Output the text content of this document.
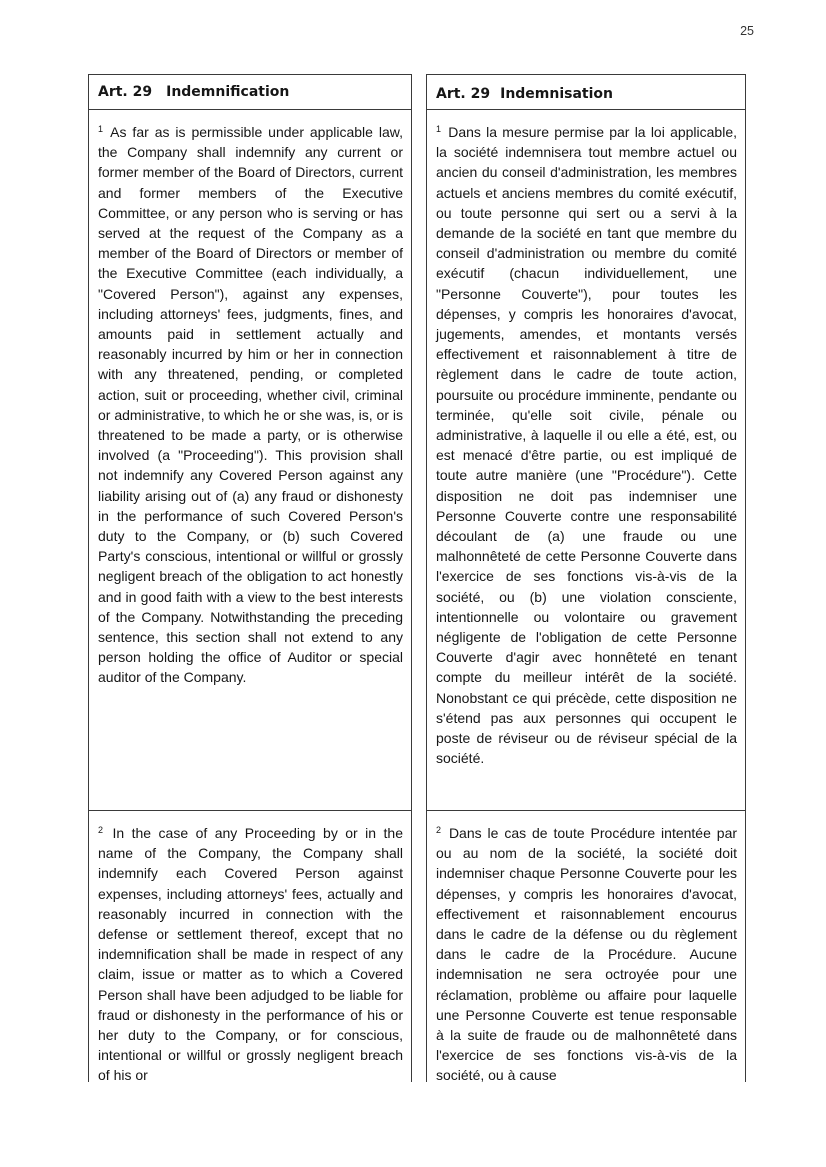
25
Art. 29 Indemnification	Art. 29 Indemnisation

$^1$ As far as is permissible under applicable law, the Company shall indemnify any current or former member of the Board of Directors, current and former members of the Executive Committee, or any person who is serving or has served at the request of the Company as a member of the Board of Directors or member of the Executive Committee (each individually, a "Covered Person"), against any expenses, including attorneys' fees, judgments, fines, and amounts paid in settlement actually and reasonably incurred by him or her in connection with any threatened, pending, or completed action, suit or proceeding, whether civil, criminal or administrative, to which he or she was, is, or is threatened to be made a party, or is otherwise involved (a "Proceeding"). This provision shall not indemnify any Covered Person against any liability arising out of (a) any fraud or dishonesty in the performance of such Covered Person's duty to the Company, or (b) such Covered Party's conscious, intentional or willful or grossly negligent breach of the obligation to act honestly and in good faith with a view to the best interests of the Company. Notwithstanding the preceding sentence, this section shall not extend to any person holding the office of Auditor or special auditor of the Company.

$^1$ Dans la mesure permise par la loi applicable, la société indemnisera tout membre actuel ou ancien du conseil d'administration, les membres actuels et anciens membres du comité exécutif, ou toute personne qui sert ou a servi à la demande de la société en tant que membre du conseil d'administration ou membre du comité exécutif (chacun individuellement, une "Personne Couverte"), pour toutes les dépenses, y compris les honoraires d'avocat, jugements, amendes, et montants versés effectivement et raisonnablement à titre de règlement dans le cadre de toute action, poursuite ou procédure imminente, pendante ou terminée, qu'elle soit civile, pénale ou administrative, à laquelle il ou elle a été, est, ou est menacé d'être partie, ou est impliqué de toute autre manière (une "Procédure"). Cette disposition ne doit pas indemniser une Personne Couverte contre une responsabilité découlant de (a) une fraude ou une malhonnêteté de cette Personne Couverte dans l'exercice de ses fonctions vis-à-vis de la société, ou (b) une violation consciente, intentionnelle ou volontaire ou gravement négligente de l'obligation de cette Personne Couverte d'agir avec honnêteté en tenant compte du meilleur intérêt de la société. Nonobstant ce qui précède, cette disposition ne s'étend pas aux personnes qui occupent le poste de réviseur ou de réviseur spécial de la société.

$^2$ In the case of any Proceeding by or in the name of the Company, the Company shall indemnify each Covered Person against expenses, including attorneys' fees, actually and reasonably incurred in connection with the defense or settlement thereof, except that no indemnification shall be made in respect of any claim, issue or matter as to which a Covered Person shall have been adjudged to be liable for fraud or dishonesty in the performance of his or her duty to the Company, or for conscious, intentional or willful or grossly negligent breach of his or

$^2$ Dans le cas de toute Procédure intentée par ou au nom de la société, la société doit indemniser chaque Personne Couverte pour les dépenses, y compris les honoraires d'avocat, effectivement et raisonnablement encourus dans le cadre de la défense ou du règlement dans le cadre de la Procédure. Aucune indemnisation ne sera octroyée pour une réclamation, problème ou affaire pour laquelle une Personne Couverte est tenue responsable à la suite de fraude ou de malhonnêteté dans l'exercice de ses fonctions vis-à-vis de la société, ou à cause
